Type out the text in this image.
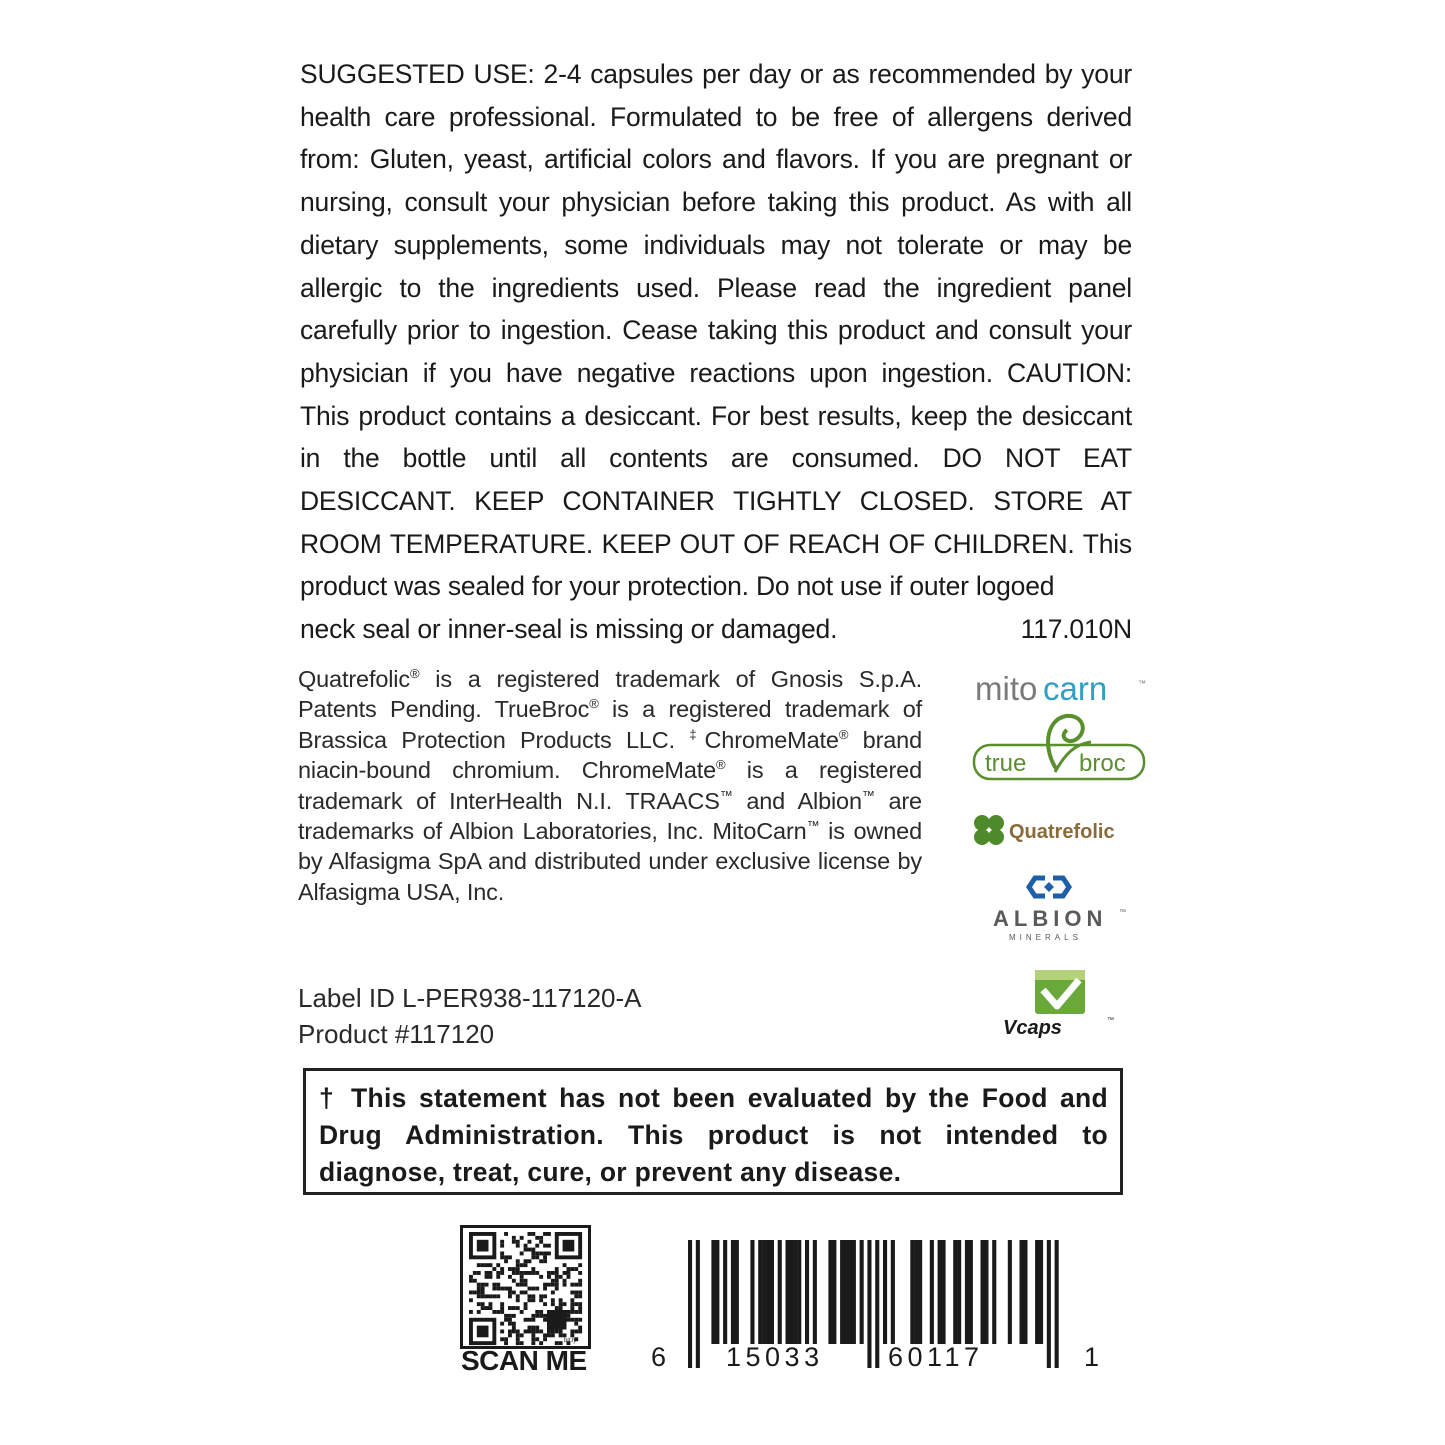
SUGGESTED USE: 2-4 capsules per day or as recommended by your health care professional. Formulated to be free of allergens derived from: Gluten, yeast, artificial colors and flavors. If you are pregnant or nursing, consult your physician before taking this product. As with all dietary supplements, some individuals may not tolerate or may be allergic to the ingredients used. Please read the ingredient panel carefully prior to ingestion. Cease taking this product and consult your physician if you have negative reactions upon ingestion. CAUTION: This product contains a desiccant. For best results, keep the desiccant in the bottle until all contents are consumed. DO NOT EAT DESICCANT. KEEP CONTAINER TIGHTLY CLOSED. STORE AT ROOM TEMPERATURE. KEEP OUT OF REACH OF CHILDREN. This product was sealed for your protection. Do not use if outer logoed

neck seal or inner-seal is missing or damaged.	117.010N

Quatrefolic® is a registered trademark of Gnosis S.p.A. Patents Pending. TrueBroc® is a registered trademark of Brassica Protection Products LLC. ‡ChromeMate® brand niacin-bound chromium. ChromeMate® is a registered trademark of InterHealth N.I. TRAACS™ and Albion™ are trademarks of Albion Laboratories, Inc. MitoCarn™ is owned by Alfasigma SpA and distributed under exclusive license by Alfasigma USA, Inc.

Label ID L-PER938-117120-A
Product #117120
mito carn	™
true broc
Quatrefolic
ALBION ™
MINERALS
Vcaps	™

† This statement has not been evaluated by the Food and Drug Administration. This product is not intended to diagnose, treat, cure, or prevent any disease.

bit.ly
SCAN ME 6 15033 60117	1
